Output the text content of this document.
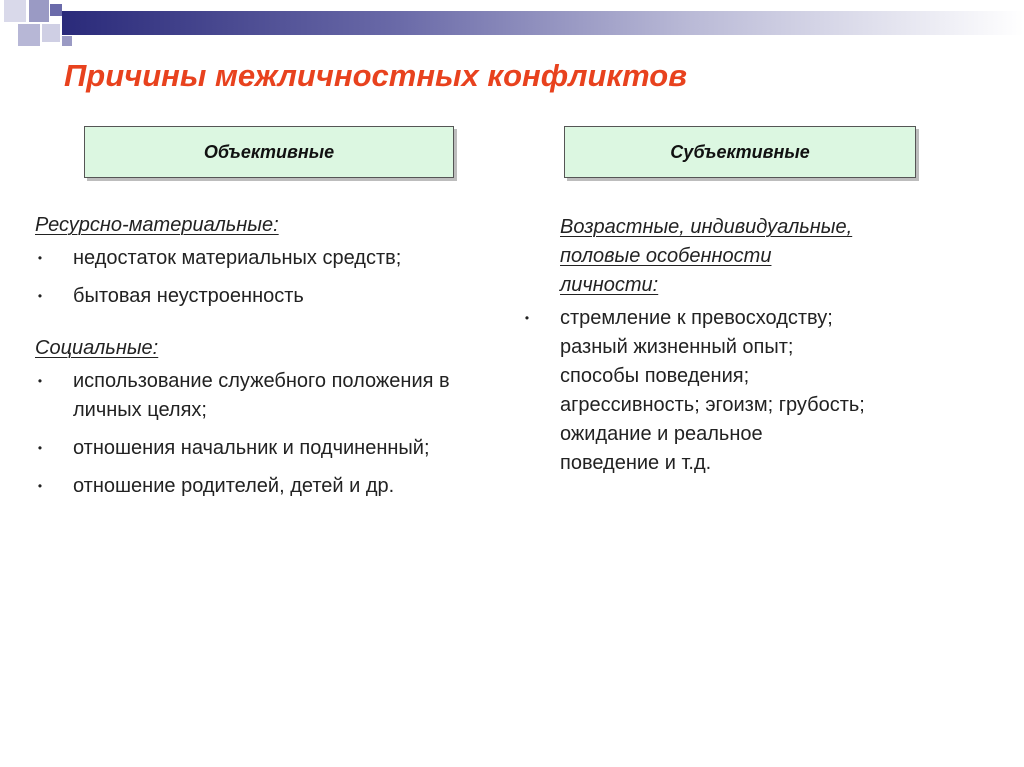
Причины межличностных конфликтов
Объективные	Субъективные
Ресурсно-материальные:
• недостаток материальных средств;
• бытовая неустроенность
Социальные:
• использование служебного положения в личных целях;
• отношения начальник и подчиненный;
• отношение родителей, детей и др.
Возрастные, индивидуальные,
половые особенности
личности:
• стремление к превосходству;
разный жизненный опыт;
способы поведения;
агрессивность; эгоизм; грубость;
ожидание и реальное
поведение и т.д.
